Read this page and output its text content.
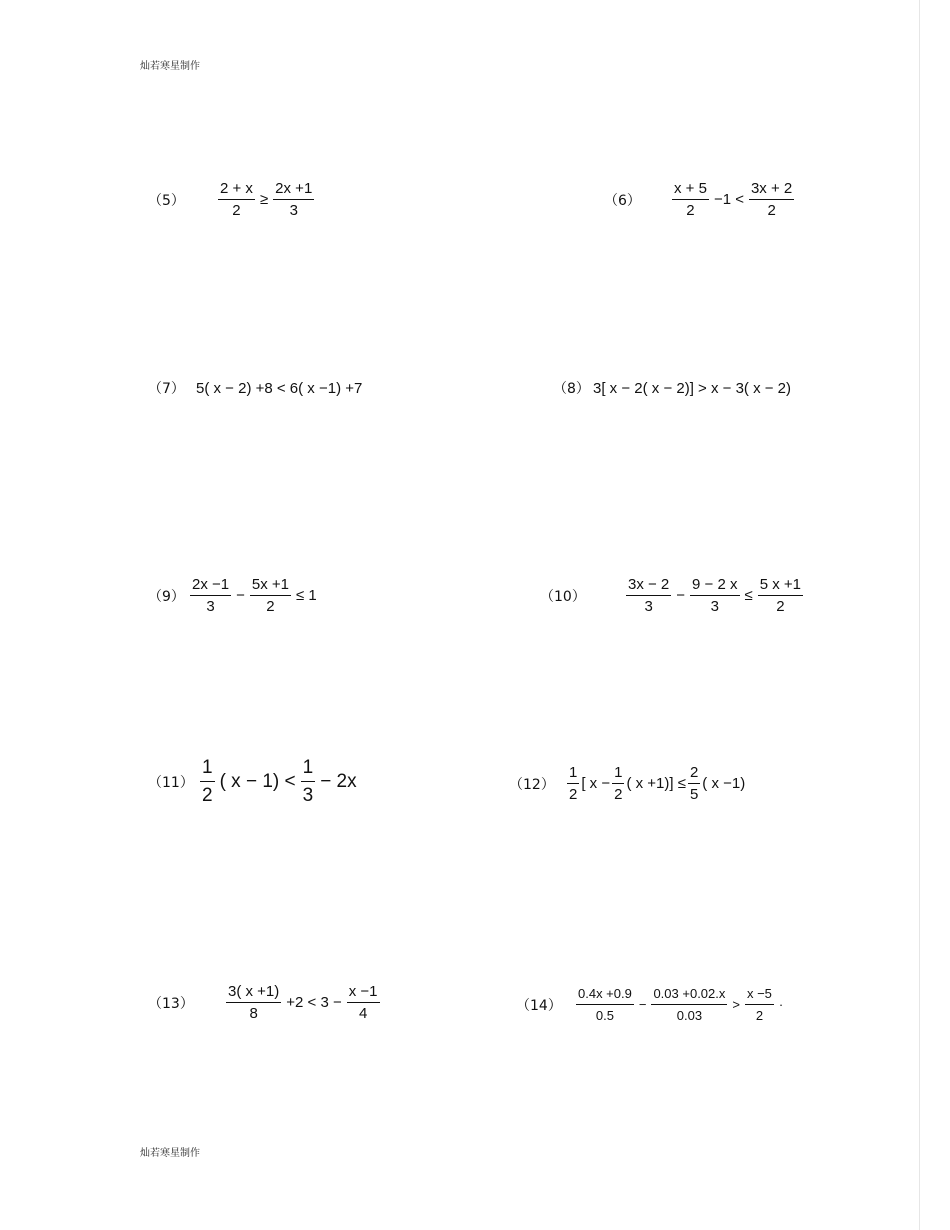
灿若寒星制作
（5）	$\frac{2 + x}{2} \ge \frac{2x +1}{3}$	（6）	$\frac{x + 5}{2} -1 < \frac{3x + 2}{2}$
（7） 5( x − 2) +8 < 6( x −1) +7	（8） 3[ x − 2( x − 2)] > x − 3( x − 2)
$(9) \frac{2x -1}{3} - \frac{5x +1}{2} \le 1$	（10）	$\frac{3x - 2}{3} - \frac{9 - 2 x}{3} \le \frac{5 x +1}{2}$
$(11) \frac{1}{2}$ ( $x - 1) < \frac{1}{3} - 2x$	$(12) \frac{1}{2}$ [ $x - \frac{1}{2}$ ( $x +1)] \le \frac{2}{5}$ ( x −1)
（13）	$\frac{3( x +1)}{8} +2 < 3 - \frac{x -1}{4}$	（14）	$\frac{0.4x +0.9}{0.5} - \frac{0.03 +0.02.x}{0.03} > \frac{x -5}{2}$ ·
灿若寒星制作
